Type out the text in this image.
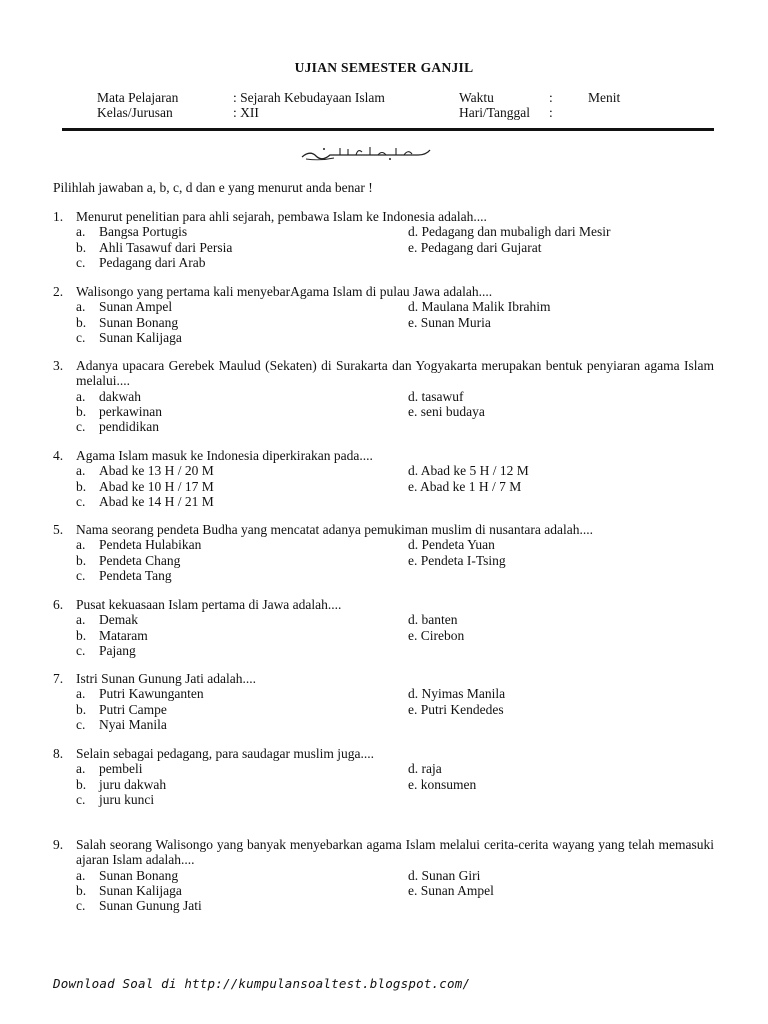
UJIAN SEMESTER GANJIL
Mata Pelajaran	: Sejarah Kebudayaan Islam
Kelas/Jurusan	: XII
Waktu	:	Menit
Hari/Tanggal :
Pilihlah jawaban a, b, c, d dan e yang menurut anda benar !
1. Menurut penelitian para ahli sejarah, pembawa Islam ke Indonesia adalah....
a.	Bangsa Portugis	d. Pedagang dan mubaligh dari Mesir
b. Ahli Tasawuf dari Persia	e. Pedagang dari Gujarat
c.	Pedagang dari Arab
2. Walisongo yang pertama kali menyebarAgama Islam di pulau Jawa adalah....
a.	Sunan Ampel	d. Maulana Malik Ibrahim
b. Sunan Bonang	e. Sunan Muria
c.	Sunan Kalijaga
3. Adanya upacara Gerebek Maulud (Sekaten) di Surakarta dan Yogyakarta merupakan bentuk penyiaran agama Islam melalui....
a.	dakwah	d. tasawuf
b. perkawinan	e. seni budaya
c.	pendidikan
4. Agama Islam masuk ke Indonesia diperkirakan pada....
a.	Abad ke 13 H / 20 M	d. Abad ke 5 H / 12 M
b. Abad ke 10 H / 17 M	e. Abad ke 1 H / 7 M
c.	Abad ke 14 H / 21 M
5. Nama seorang pendeta Budha yang mencatat adanya pemukiman muslim di nusantara adalah....
a.	Pendeta Hulabikan	d. Pendeta Yuan
b. Pendeta Chang	e. Pendeta I-Tsing
c.	Pendeta Tang
6. Pusat kekuasaan Islam pertama di Jawa adalah....
a.	Demak	d. banten
b. Mataram	e. Cirebon
c.	Pajang
7. Istri Sunan Gunung Jati adalah....
a.	Putri Kawunganten	d. Nyimas Manila
b. Putri Campe	e. Putri Kendedes
c.	Nyai Manila
8. Selain sebagai pedagang, para saudagar muslim juga....
a.	pembeli	d. raja
b. juru dakwah	e. konsumen
c.	juru kunci
9. Salah seorang Walisongo yang banyak menyebarkan agama Islam melalui cerita-cerita wayang yang telah memasuki ajaran Islam adalah....
a.	Sunan Bonang	d. Sunan Giri
b. Sunan Kalijaga	e. Sunan Ampel
c.	Sunan Gunung Jati
Download Soal di http://kumpulansoaltest.blogspot.com/
